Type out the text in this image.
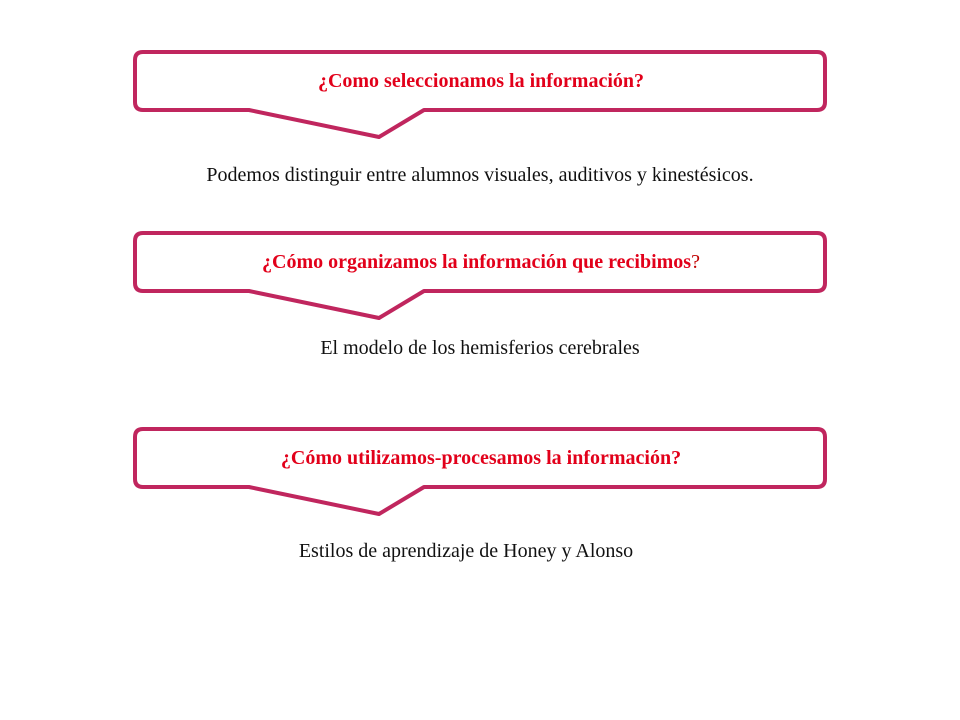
¿Como seleccionamos la información?
Podemos distinguir entre alumnos visuales, auditivos y kinestésicos.
¿Cómo organizamos la información que recibimos?
El modelo de los hemisferios cerebrales
¿Cómo utilizamos-procesamos la información?
Estilos de aprendizaje de Honey y Alonso
